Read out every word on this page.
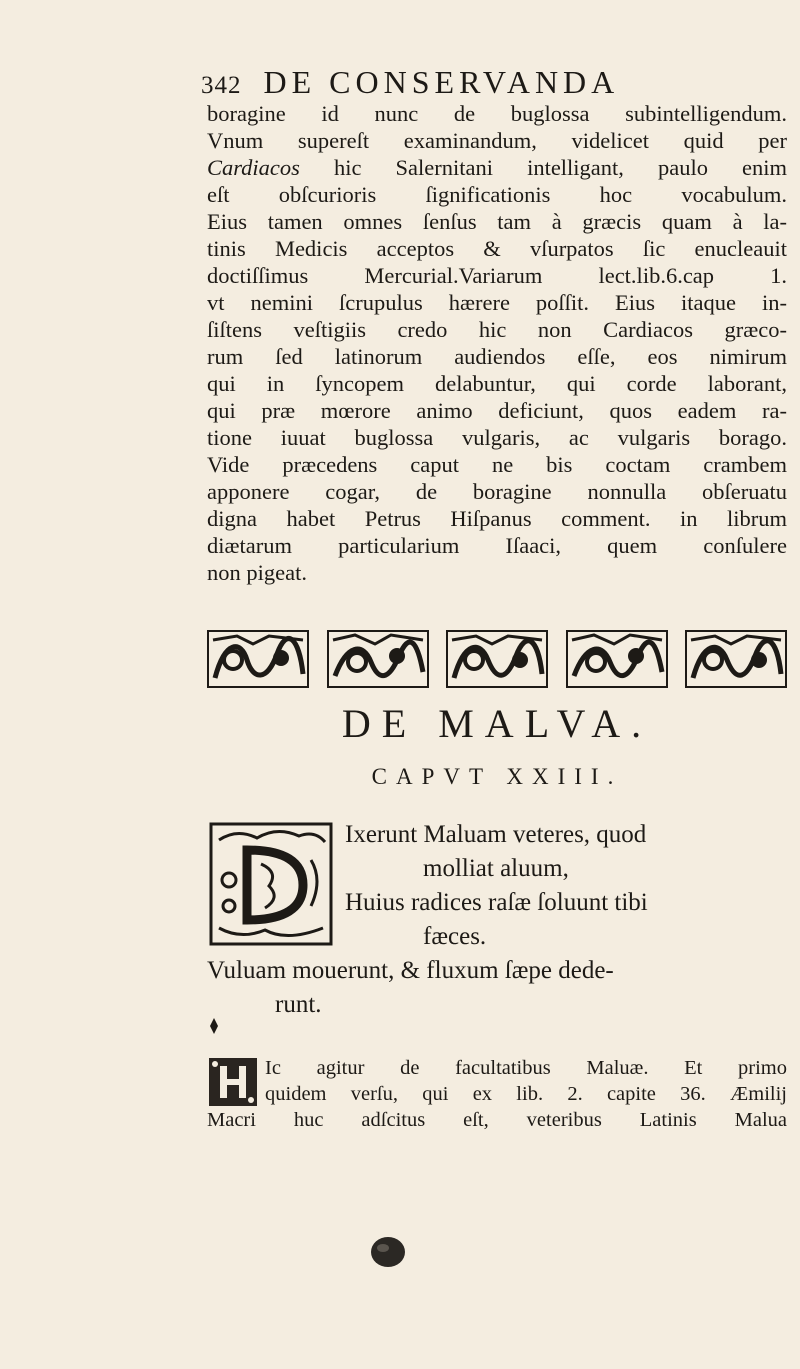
342 DE CONSERVANDA
boragine id nunc de buglossa subintelligendum.
Vnum supereſt examinandum, videlicet quid per
Cardiacos hic Salernitani intelligant, paulo enim
eſt obſcurioris ſignificationis hoc vocabulum.
Eius tamen omnes ſenſus tam à græcis quam à la-
tinis Medicis acceptos & vſurpatos ſic enucleauit
doctiſſimus Mercurial.Variarum lect.lib.6.cap 1.
vt nemini ſcrupulus hærere poſſit. Eius itaque in-
ſiſtens veſtigiis credo hic non Cardiacos græco-
rum ſed latinorum audiendos eſſe, eos nimirum
qui in ſyncopem delabuntur, qui corde laborant,
qui præ mœrore animo deficiunt, quos eadem ra-
tione iuuat buglossa vulgaris, ac vulgaris borago.
Vide præcedens caput ne bis coctam crambem
apponere cogar, de boragine nonnulla obſeruatu
digna habet Petrus Hiſpanus comment. in librum
diætarum particularium Iſaaci, quem conſulere
non pigeat.
DE MALVA.
CAPVT XXIII.
Ixerunt Maluam veteres, quod
molliat aluum,
Huius radices raſæ ſoluunt tibi
fæces.
Vuluam mouerunt, & fluxum ſæpe dede-
runt.
Ic agitur de facultatibus Maluæ. Et primo
quidem verſu, qui ex lib. 2. capite 36. Æmilij
Macri huc adſcitus eſt, veteribus Latinis Malua
